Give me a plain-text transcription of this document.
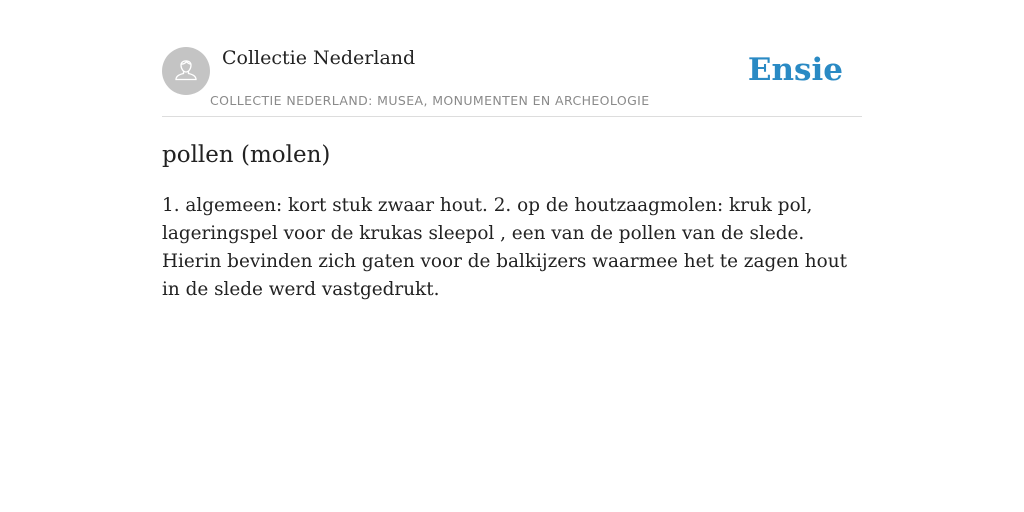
Collectie Nederland
COLLECTIE NEDERLAND: MUSEA, MONUMENTEN EN ARCHEOLOGIE
Ensie
pollen (molen)

1. algemeen: kort stuk zwaar hout. 2. op de houtzaagmolen: kruk pol, lageringspel voor de krukas sleepol , een van de pollen van de slede. Hierin bevinden zich gaten voor de balkijzers waarmee het te zagen hout in de slede werd vastgedrukt.
